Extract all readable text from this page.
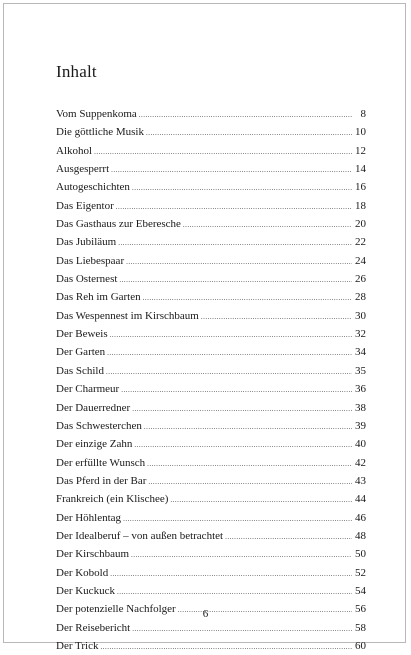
Inhalt
Vom Suppenkoma .....	8
Die göttliche Musik .....	10
Alkohol .....	12
Ausgesperrt .....	14
Autogeschichten .....	16
Das Eigentor .....	18
Das Gasthaus zur Eberesche .....	20
Das Jubiläum .....	22
Das Liebespaar .....	24
Das Osternest .....	26
Das Reh im Garten .....	28
Das Wespennest im Kirschbaum .....	30
Der Beweis .....	32
Der Garten .....	34
Das Schild .....	35
Der Charmeur .....	36
Der Dauerredner .....	38
Das Schwesterchen .....	39
Der einzige Zahn .....	40
Der erfüllte Wunsch .....	42
Das Pferd in der Bar .....	43
Frankreich (ein Klischee) .....	44
Der Höhlentag .....	46
Der Idealberuf – von außen betrachtet .....	48
Der Kirschbaum .....	50
Der Kobold .....	52
Der Kuckuck .....	54
Der potenzielle Nachfolger .....	56
Der Reisebericht .....	58
Der Trick .....	60
6
